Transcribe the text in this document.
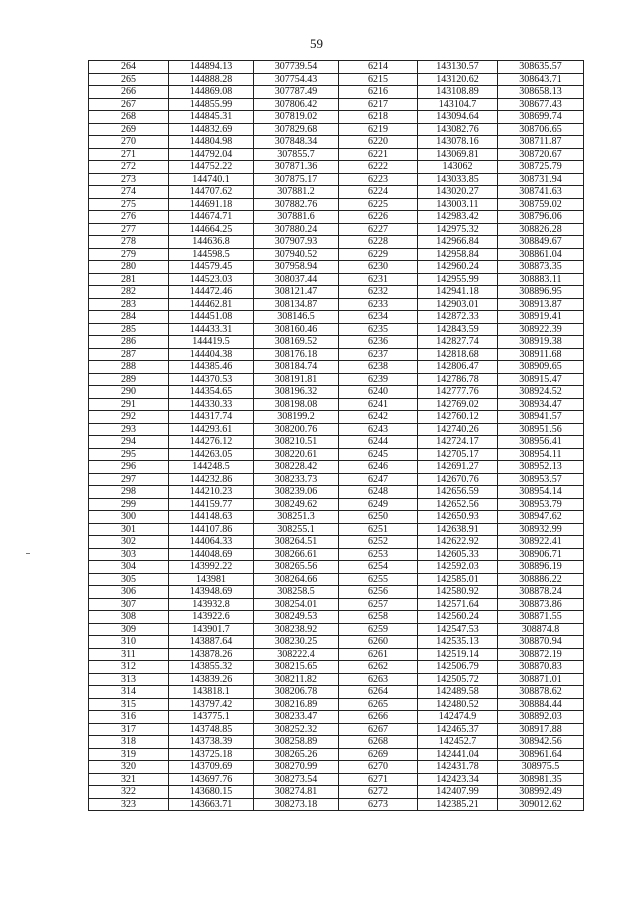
59
264	144894.13	307739.54	6214	143130.57	308635.57
265	144888.28	307754.43	6215	143120.62	308643.71
266	144869.08	307787.49	6216	143108.89	308658.13
267	144855.99	307806.42	6217	143104.7	308677.43
268	144845.31	307819.02	6218	143094.64	308699.74
269	144832.69	307829.68	6219	143082.76	308706.65
270	144804.98	307848.34	6220	143078.16	308711.87
271	144792.04	307855.7	6221	143069.81	308720.67
272	144752.22	307871.36	6222	143062	308725.79
273	144740.1	307875.17	6223	143033.85	308731.94
274	144707.62	307881.2	6224	143020.27	308741.63
275	144691.18	307882.76	6225	143003.11	308759.02
276	144674.71	307881.6	6226	142983.42	308796.06
277	144664.25	307880.24	6227	142975.32	308826.28
278	144636.8	307907.93	6228	142966.84	308849.67
279	144598.5	307940.52	6229	142958.84	308861.04
280	144579.45	307958.94	6230	142960.24	308873.35
281	144523.03	308037.44	6231	142955.99	308883.11
282	144472.46	308121.47	6232	142941.18	308896.95
283	144462.81	308134.87	6233	142903.01	308913.87
284	144451.08	308146.5	6234	142872.33	308919.41
285	144433.31	308160.46	6235	142843.59	308922.39
286	144419.5	308169.52	6236	142827.74	308919.38
287	144404.38	308176.18	6237	142818.68	308911.68
288	144385.46	308184.74	6238	142806.47	308909.65
289	144370.53	308191.81	6239	142786.78	308915.47
290	144354.65	308196.32	6240	142777.76	308924.52
291	144330.33	308198.08	6241	142769.02	308934.47
292	144317.74	308199.2	6242	142760.12	308941.57
293	144293.61	308200.76	6243	142740.26	308951.56
294	144276.12	308210.51	6244	142724.17	308956.41
295	144263.05	308220.61	6245	142705.17	308954.11
296	144248.5	308228.42	6246	142691.27	308952.13
297	144232.86	308233.73	6247	142670.76	308953.57
298	144210.23	308239.06	6248	142656.59	308954.14
299	144159.77	308249.62	6249	142652.56	308953.79
300	144148.63	308251.3	6250	142650.93	308947.62
301	144107.86	308255.1	6251	142638.91	308932.99
302	144064.33	308264.51	6252	142622.92	308922.41
303	144048.69	308266.61	6253	142605.33	308906.71
304	143992.22	308265.56	6254	142592.03	308896.19
305	143981	308264.66	6255	142585.01	308886.22
306	143948.69	308258.5	6256	142580.92	308878.24
307	143932.8	308254.01	6257	142571.64	308873.86
308	143922.6	308249.53	6258	142560.24	308871.55
309	143901.7	308238.92	6259	142547.53	308874.8
310	143887.64	308230.25	6260	142535.13	308870.94
311	143878.26	308222.4	6261	142519.14	308872.19
312	143855.32	308215.65	6262	142506.79	308870.83
313	143839.26	308211.82	6263	142505.72	308871.01
314	143818.1	308206.78	6264	142489.58	308878.62
315	143797.42	308216.89	6265	142480.52	308884.44
316	143775.1	308233.47	6266	142474.9	308892.03
317	143748.85	308252.32	6267	142465.37	308917.88
318	143738.39	308258.89	6268	142452.7	308942.56
319	143725.18	308265.26	6269	142441.04	308961.64
320	143709.69	308270.99	6270	142431.78	308975.5
321	143697.76	308273.54	6271	142423.34	308981.35
322	143680.15	308274.81	6272	142407.99	308992.49
323	143663.71	308273.18	6273	142385.21	309012.62
